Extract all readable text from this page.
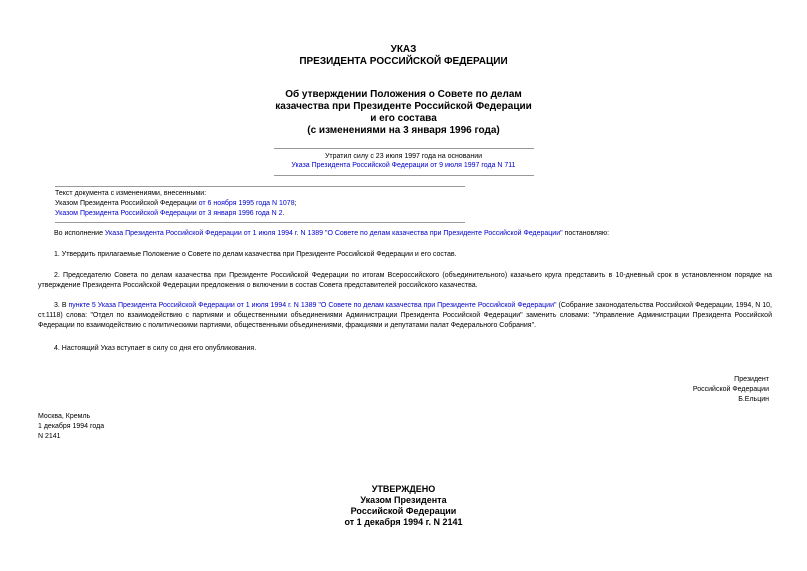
УКАЗ
ПРЕЗИДЕНТА РОССИЙСКОЙ ФЕДЕРАЦИИ
Об утверждении Положения о Совете по делам
казачества при Президенте Российской Федерации
и его состава
(с изменениями на 3 января 1996 года)
Утратил силу с 23 июля 1997 года на основании
Указа Президента Российской Федерации от 9 июля 1997 года N 711
Текст документа с изменениями, внесенными:
Указом Президента Российской Федерации от 6 ноября 1995 года N 1078;
Указом Президента Российской Федерации от 3 января 1996 года N 2.
Во исполнение Указа Президента Российской Федерации от 1 июля 1994 г. N 1389 "О Совете по делам казачества при Президенте Российской Федерации" постановляю:
1. Утвердить прилагаемые Положение о Совете по делам казачества при Президенте Российской Федерации и его состав.
2. Председателю Совета по делам казачества при Президенте Российской Федерации по итогам Всероссийского (объединительного) казачьего круга представить в 10-дневный срок в установленном порядке на утверждение Президента Российской Федерации предложения о включении в состав Совета представителей российского казачества.
3. В пункте 5 Указа Президента Российской Федерации от 1 июля 1994 г. N 1389 "О Совете по делам казачества при Президенте Российской Федерации" (Собрание законодательства Российской Федерации, 1994, N 10, ст.1118) слова: "Отдел по взаимодействию с партиями и общественными объединениями Администрации Президента Российской Федерации" заменить словами: "Управление Администрации Президента Российской Федерации по взаимодействию с политическими партиями, общественными объединениями, фракциями и депутатами палат Федерального Собрания".
4. Настоящий Указ вступает в силу со дня его опубликования.
Президент
Российской Федерации
Б.Ельцин
Москва, Кремль
1 декабря 1994 года
N 2141
УТВЕРЖДЕНО
Указом Президента
Российской Федерации
от 1 декабря 1994 г. N 2141
